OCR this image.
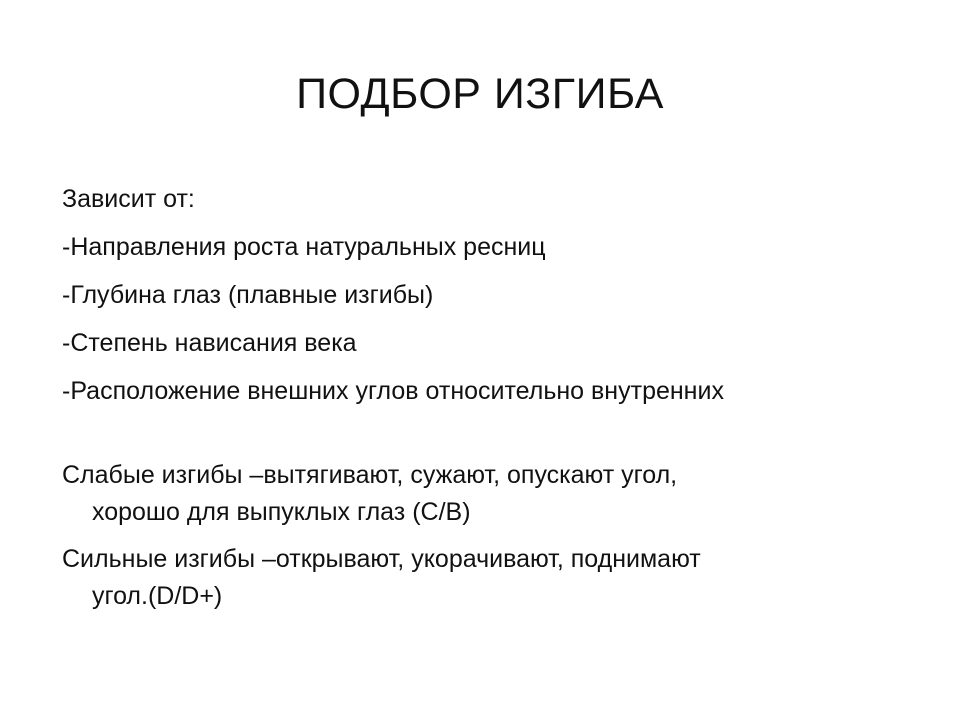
ПОДБОР ИЗГИБА
Зависит от:
-Направления роста натуральных ресниц
-Глубина глаз (плавные изгибы)
-Степень нависания века
-Расположение внешних углов относительно внутренних
Слабые изгибы –вытягивают, сужают, опускают угол,
хорошо для выпуклых глаз (C/B)
Сильные изгибы –открывают, укорачивают, поднимают
угол.(D/D+)
